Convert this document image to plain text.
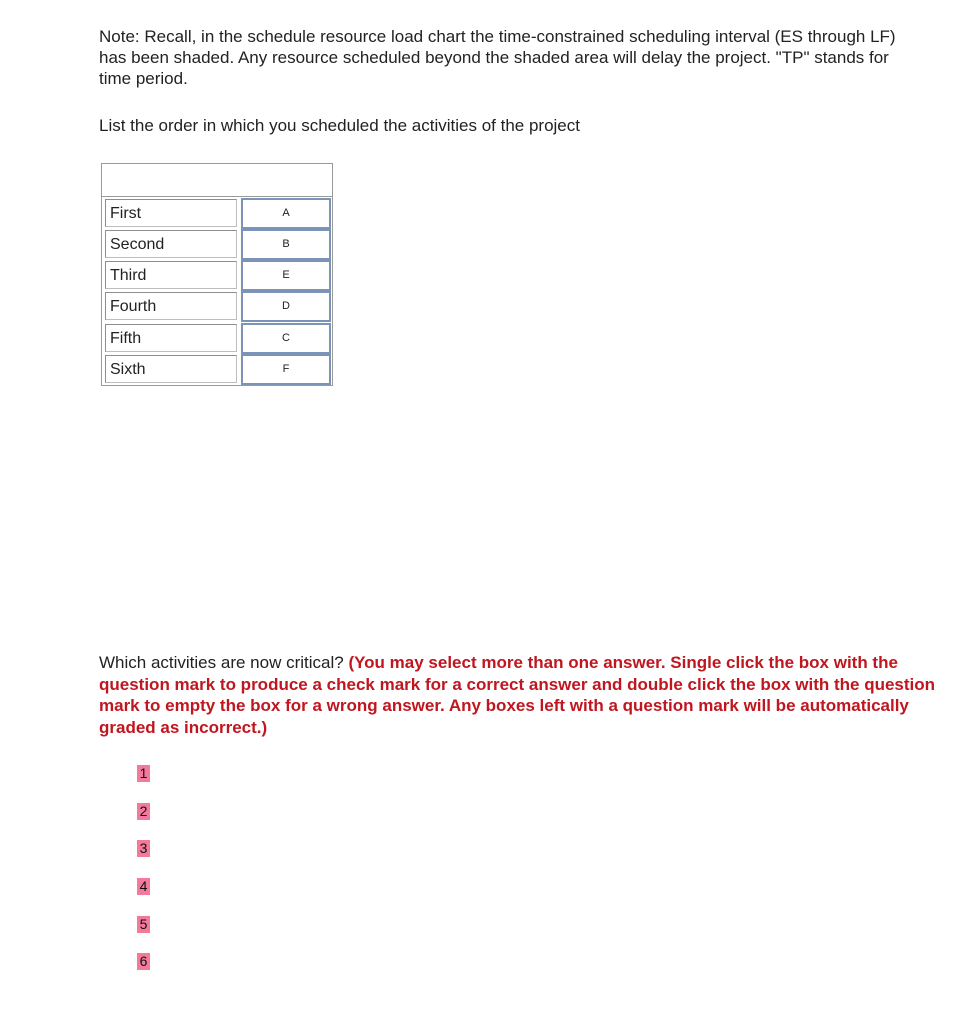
Note: Recall, in the schedule resource load chart the time-constrained scheduling interval (ES through LF) has been shaded. Any resource scheduled beyond the shaded area will delay the project. "TP" stands for time period.

List the order in which you scheduled the activities of the project

First	A
Second	B
Third	E
Fourth	D
Fifth	C
Sixth	F

Which activities are now critical? (You may select more than one answer. Single click the box with the question mark to produce a check mark for a correct answer and double click the box with the question mark to empty the box for a wrong answer. Any boxes left with a question mark will be automatically graded as incorrect.)

1
2
3
4
5
6
